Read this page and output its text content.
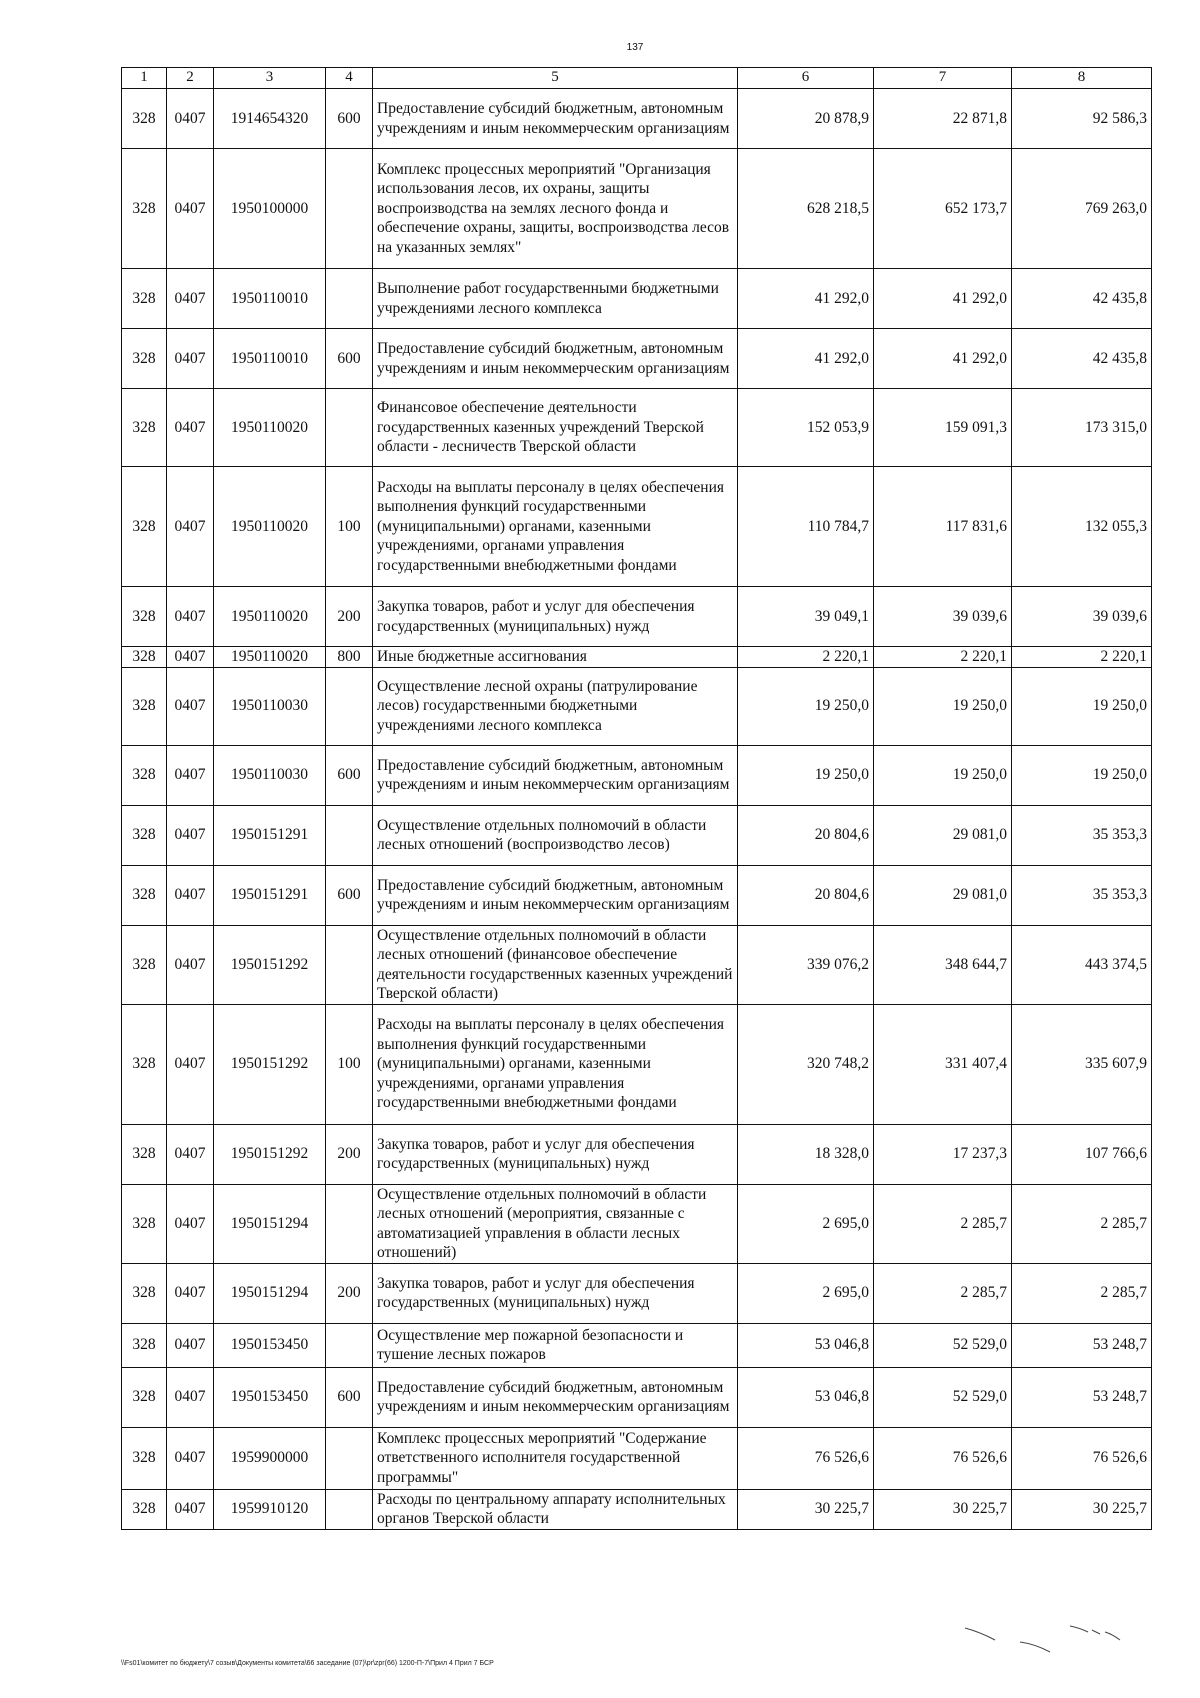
137
1	2	3	4	5	6	7	8
328	0407	1914654320	600	Предоставление субсидий бюджетным, автономным учреждениям и иным некоммерческим организациям	20 878,9	22 871,8	92 586,3
328	0407	1950100000		Комплекс процессных мероприятий "Организация использования лесов, их охраны, защиты воспроизводства на землях лесного фонда и обеспечение охраны, защиты, воспроизводства лесов на указанных землях"	628 218,5	652 173,7	769 263,0
328	0407	1950110010		Выполнение работ государственными бюджетными учреждениями лесного комплекса	41 292,0	41 292,0	42 435,8
328	0407	1950110010	600	Предоставление субсидий бюджетным, автономным учреждениям и иным некоммерческим организациям	41 292,0	41 292,0	42 435,8
328	0407	1950110020		Финансовое обеспечение деятельности государственных казенных учреждений Тверской области - лесничеств Тверской области	152 053,9	159 091,3	173 315,0
328	0407	1950110020	100	Расходы на выплаты персоналу в целях обеспечения выполнения функций государственными (муниципальными) органами, казенными учреждениями, органами управления государственными внебюджетными фондами	110 784,7	117 831,6	132 055,3
328	0407	1950110020	200	Закупка товаров, работ и услуг для обеспечения государственных (муниципальных) нужд	39 049,1	39 039,6	39 039,6
328	0407	1950110020	800	Иные бюджетные ассигнования	2 220,1	2 220,1	2 220,1
328	0407	1950110030		Осуществление лесной охраны (патрулирование лесов) государственными бюджетными учреждениями лесного комплекса	19 250,0	19 250,0	19 250,0
328	0407	1950110030	600	Предоставление субсидий бюджетным, автономным учреждениям и иным некоммерческим организациям	19 250,0	19 250,0	19 250,0
328	0407	1950151291		Осуществление отдельных полномочий в области лесных отношений (воспроизводство лесов)	20 804,6	29 081,0	35 353,3
328	0407	1950151291	600	Предоставление субсидий бюджетным, автономным учреждениям и иным некоммерческим организациям	20 804,6	29 081,0	35 353,3
328	0407	1950151292		Осуществление отдельных полномочий в области лесных отношений (финансовое обеспечение деятельности государственных казенных учреждений Тверской области)	339 076,2	348 644,7	443 374,5
328	0407	1950151292	100	Расходы на выплаты персоналу в целях обеспечения выполнения функций государственными (муниципальными) органами, казенными учреждениями, органами управления государственными внебюджетными фондами	320 748,2	331 407,4	335 607,9
328	0407	1950151292	200	Закупка товаров, работ и услуг для обеспечения государственных (муниципальных) нужд	18 328,0	17 237,3	107 766,6
328	0407	1950151294		Осуществление отдельных полномочий в области лесных отношений (мероприятия, связанные с автоматизацией управления в области лесных отношений)	2 695,0	2 285,7	2 285,7
328	0407	1950151294	200	Закупка товаров, работ и услуг для обеспечения государственных (муниципальных) нужд	2 695,0	2 285,7	2 285,7
328	0407	1950153450		Осуществление мер пожарной безопасности и тушение лесных пожаров	53 046,8	52 529,0	53 248,7
328	0407	1950153450	600	Предоставление субсидий бюджетным, автономным учреждениям и иным некоммерческим организациям	53 046,8	52 529,0	53 248,7
328	0407	1959900000		Комплекс процессных мероприятий "Содержание ответственного исполнителя государственной программы"	76 526,6	76 526,6	76 526,6
328	0407	1959910120		Расходы по центральному аппарату исполнительных органов Тверской области	30 225,7	30 225,7	30 225,7
\\Fs01\комитет по бюджету\7 созыв\Документы комитета\66 заседание (07)\pr\zpr(66) 1200-П-7\Прил 4 Прил 7 БСР
